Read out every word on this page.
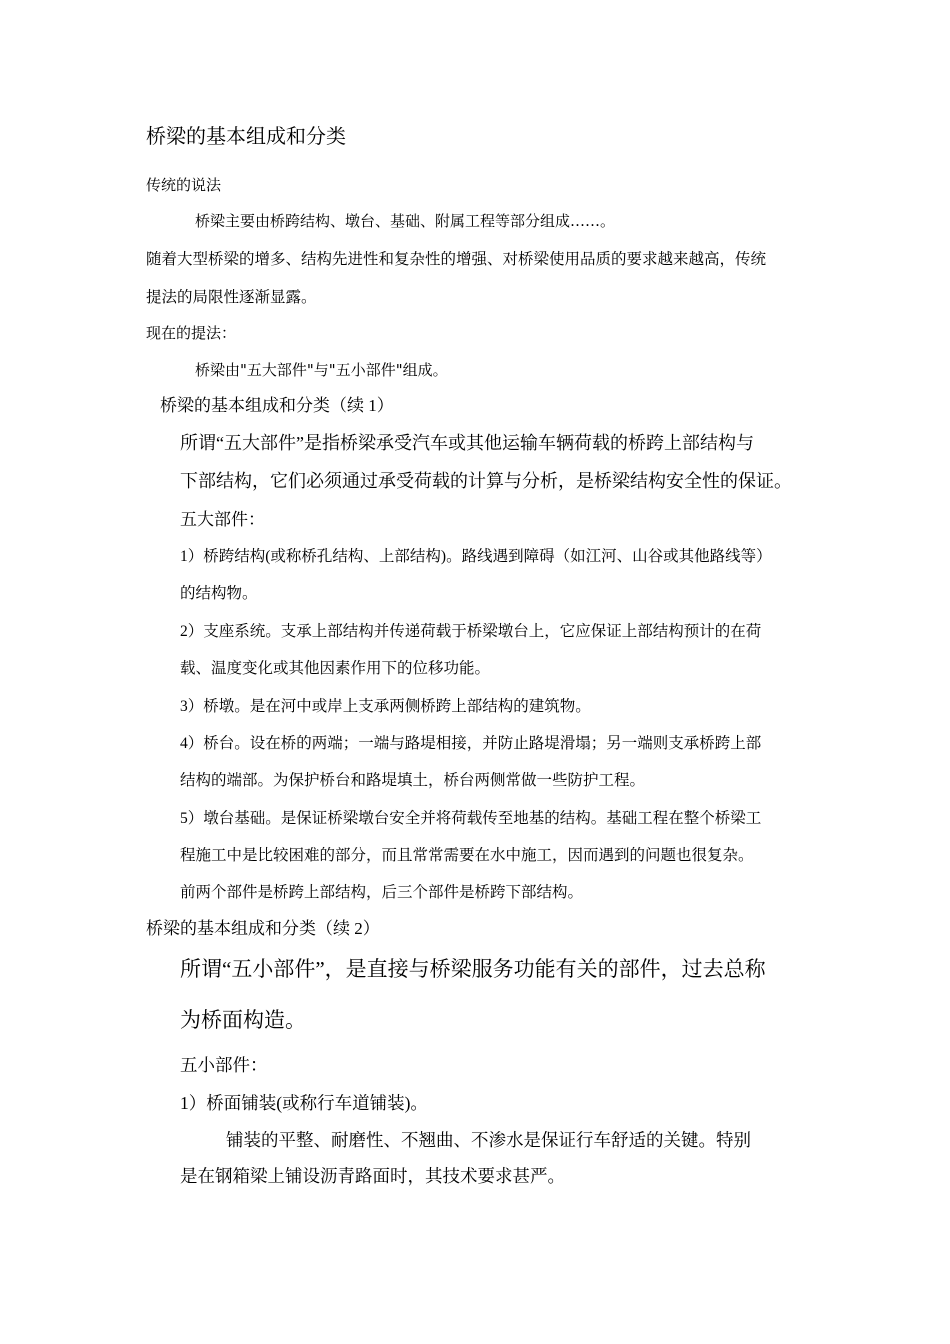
桥梁的基本组成和分类
传统的说法
桥梁主要由桥跨结构、墩台、基础、附属工程等部分组成……。
随着大型桥梁的增多、结构先进性和复杂性的增强、对桥梁使用品质的要求越来越高，传统
提法的局限性逐渐显露。
现在的提法：
桥梁由"五大部件"与"五小部件"组成。
桥梁的基本组成和分类（续 1）
所谓“五大部件”是指桥梁承受汽车或其他运输车辆荷载的桥跨上部结构与
下部结构，它们必须通过承受荷载的计算与分析，是桥梁结构安全性的保证。
五大部件：
1）桥跨结构(或称桥孔结构、上部结构)。路线遇到障碍（如江河、山谷或其他路线等）
的结构物。
2）支座系统。支承上部结构并传递荷载于桥梁墩台上，它应保证上部结构预计的在荷
载、温度变化或其他因素作用下的位移功能。
3）桥墩。是在河中或岸上支承两侧桥跨上部结构的建筑物。
4）桥台。设在桥的两端；一端与路堤相接，并防止路堤滑塌；另一端则支承桥跨上部
结构的端部。为保护桥台和路堤填土，桥台两侧常做一些防护工程。
5）墩台基础。是保证桥梁墩台安全并将荷载传至地基的结构。基础工程在整个桥梁工
程施工中是比较困难的部分，而且常常需要在水中施工，因而遇到的问题也很复杂。
前两个部件是桥跨上部结构，后三个部件是桥跨下部结构。
桥梁的基本组成和分类（续 2）
所谓“五小部件”，是直接与桥梁服务功能有关的部件，过去总称
为桥面构造。
五小部件：
1）桥面铺装(或称行车道铺装)。
铺装的平整、耐磨性、不翘曲、不渗水是保证行车舒适的关键。特别
是在钢箱梁上铺设沥青路面时，其技术要求甚严。
